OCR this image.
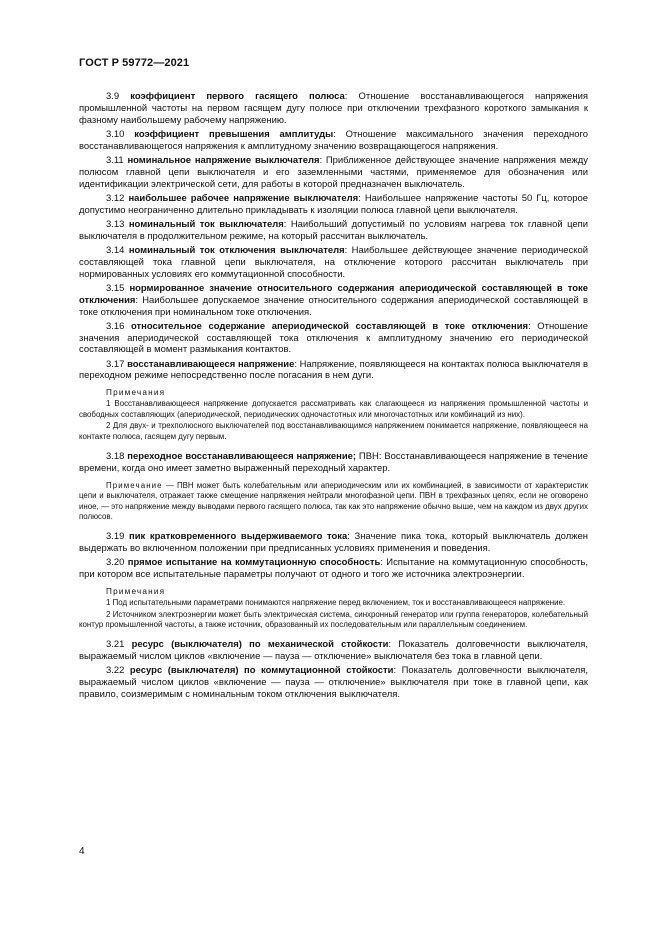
ГОСТ Р 59772—2021

3.9 коэффициент первого гасящего полюса: Отношение восстанавливающегося напряжения промышленной частоты на первом гасящем дугу полюсе при отключении трехфазного короткого замыкания к фазному наибольшему рабочему напряжению.

3.10 коэффициент превышения амплитуды: Отношение максимального значения переходного восстанавливающегося напряжения к амплитудному значению возвращающегося напряжения.

3.11 номинальное напряжение выключателя: Приближенное действующее значение напряжения между полюсом главной цепи выключателя и его заземленными частями, применяемое для обозначения или идентификации электрической сети, для работы в которой предназначен выключатель.

3.12 наибольшее рабочее напряжение выключателя: Наибольшее напряжение частоты 50 Гц, которое допустимо неограниченно длительно прикладывать к изоляции полюса главной цепи выключателя.

3.13 номинальный ток выключателя: Наибольший допустимый по условиям нагрева ток главной цепи выключателя в продолжительном режиме, на который рассчитан выключатель.

3.14 номинальный ток отключения выключателя: Наибольшее действующее значение периодической составляющей тока главной цепи выключателя, на отключение которого рассчитан выключатель при нормированных условиях его коммутационной способности.

3.15 нормированное значение относительного содержания апериодической составляющей в токе отключения: Наибольшее допускаемое значение относительного содержания апериодической составляющей в токе отключения при номинальном токе отключения.

3.16 относительное содержание апериодической составляющей в токе отключения: Отношение значения апериодической составляющей тока отключения к амплитудному значению его периодической составляющей в момент размыкания контактов.

3.17 восстанавливающееся напряжение: Напряжение, появляющееся на контактах полюса выключателя в переходном режиме непосредственно после погасания в нем дуги.

Примечания

1 Восстанавливающееся напряжение допускается рассматривать как слагающееся из напряжения промышленной частоты и свободных составляющих (апериодической, периодических одночастотных или многочастотных или комбинаций из них).

2 Для двух- и трехполюсного выключателей под восстанавливающимся напряжением понимается напряжение, появляющееся на контакте полюса, гасящем дугу первым.

3.18 переходное восстанавливающееся напряжение; ПВН: Восстанавливающееся напряжение в течение времени, когда оно имеет заметно выраженный переходный характер.

Примечание — ПВН может быть колебательным или апериодическим или их комбинацией, в зависимости от характеристик цепи и выключателя, отражает также смещение напряжения нейтрали многофазной цепи. ПВН в трехфазных цепях, если не оговорено иное, — это напряжение между выводами первого гасящего полюса, так как это напряжение обычно выше, чем на каждом из двух других полюсов.

3.19 пик кратковременного выдерживаемого тока: Значение пика тока, который выключатель должен выдержать во включенном положении при предписанных условиях применения и поведения.

3.20 прямое испытание на коммутационную способность: Испытание на коммутационную способность, при котором все испытательные параметры получают от одного и того же источника электроэнергии.

Примечания

1 Под испытательными параметрами понимаются напряжение перед включением, ток и восстанавливающееся напряжение.

2 Источником электроэнергии может быть электрическая система, синхронный генератор или группа генераторов, колебательный контур промышленной частоты, а также источник, образованный их последовательным или параллельным соединением.

3.21 ресурс (выключателя) по механической стойкости: Показатель долговечности выключателя, выражаемый числом циклов «включение — пауза — отключение» выключателя без тока в главной цепи.

3.22 ресурс (выключателя) по коммутационной стойкости: Показатель долговечности выключателя, выражаемый числом циклов «включение — пауза — отключение» выключателя при токе в главной цепи, как правило, соизмеримым с номинальным током отключения выключателя.

4
